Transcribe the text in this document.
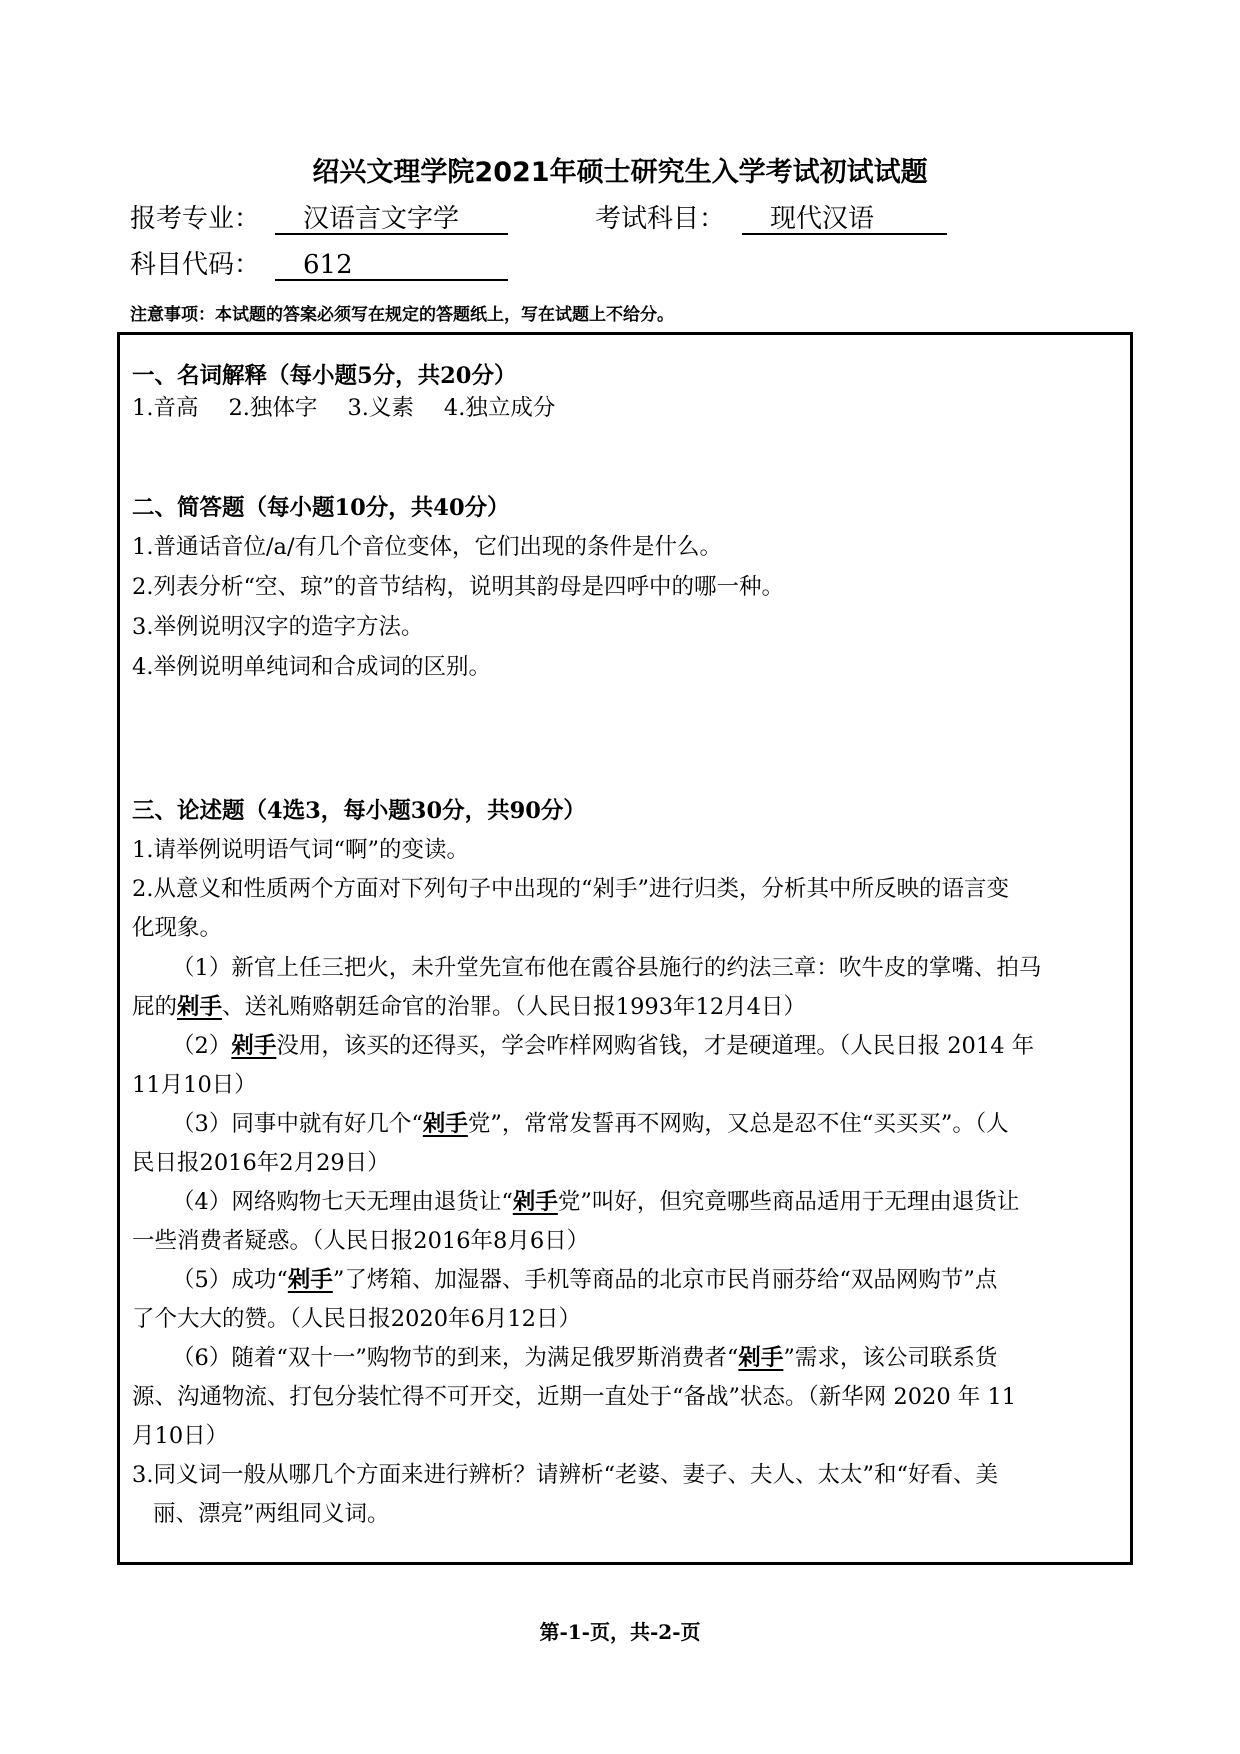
绍兴文理学院2021年硕士研究生入学考试初试试题
报考专业：	汉语言文字学	考试科目：	现代汉语
科目代码：	612
注意事项：本试题的答案必须写在规定的答题纸上，写在试题上不给分。
一、名词解释（每小题5分，共20分）
1.音高 2.独体字 3.义素 4.独立成分
二、简答题（每小题10分，共40分）
1.普通话音位/a/有几个音位变体，它们出现的条件是什么。
2.列表分析“空、琼”的音节结构，说明其韵母是四呼中的哪一种。
3.举例说明汉字的造字方法。
4.举例说明单纯词和合成词的区别。
三、论述题（4选3，每小题30分，共90分）
1.请举例说明语气词“啊”的变读。
2.从意义和性质两个方面对下列句子中出现的“剁手”进行归类，分析其中所反映的语言变
化现象。
（1）新官上任三把火，未升堂先宣布他在霞谷县施行的约法三章：吹牛皮的掌嘴、拍马
屁的剁手、送礼贿赂朝廷命官的治罪。（人民日报1993年12月4日）
（2）剁手没用，该买的还得买，学会咋样网购省钱，才是硬道理。（人民日报 2014 年
11月10日）
（3）同事中就有好几个“剁手党”，常常发誓再不网购，又总是忍不住“买买买”。（人
民日报2016年2月29日）
（4）网络购物七天无理由退货让“剁手党”叫好，但究竟哪些商品适用于无理由退货让
一些消费者疑惑。（人民日报2016年8月6日）
（5）成功“剁手”了烤箱、加湿器、手机等商品的北京市民肖丽芬给“双品网购节”点
了个大大的赞。（人民日报2020年6月12日）
（6）随着“双十一”购物节的到来，为满足俄罗斯消费者“剁手”需求，该公司联系货
源、沟通物流、打包分装忙得不可开交，近期一直处于“备战”状态。（新华网 2020 年 11
月10日）
3.同义词一般从哪几个方面来进行辨析？请辨析“老婆、妻子、夫人、太太”和“好看、美
丽、漂亮”两组同义词。
第-1-页，共-2-页
